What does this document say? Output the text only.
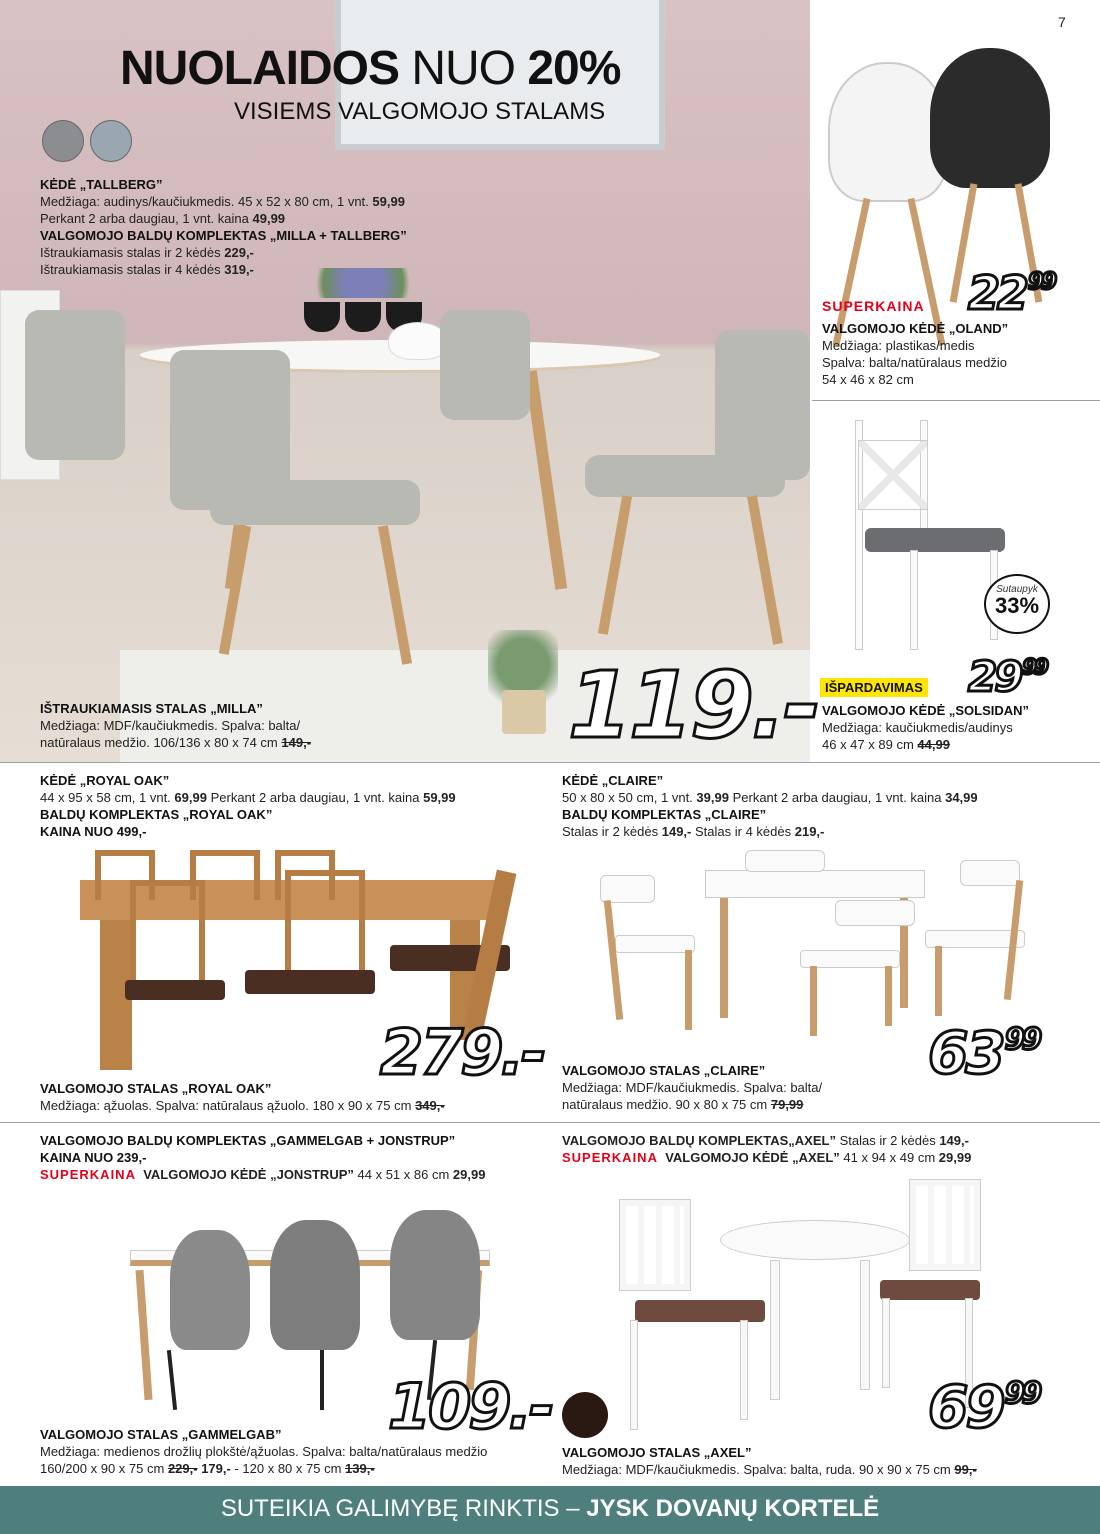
NUOLAIDOS NUO 20%
VISIEMS VALGOMOJO STALAMS
KĖDĖ „TALLBERG”
Medžiaga: audinys/kaučiukmedis. 45 x 52 x 80 cm, 1 vnt. 59,99
Perkant 2 arba daugiau, 1 vnt. kaina 49,99
VALGOMOJO BALDŲ KOMPLEKTAS „MILLA + TALLBERG”
Ištraukiamasis stalas ir 2 kėdės 229,-
Ištraukiamasis stalas ir 4 kėdės 319,-
IŠTRAUKIAMASIS STALAS „MILLA”
Medžiaga: MDF/kaučiukmedis. Spalva: balta/
natūralaus medžio. 106/136 x 80 x 74 cm 149,-	119.-
7
SUPERKAINA $22^{99}$
VALGOMOJO KĖDĖ „OLAND”
Medžiaga: plastikas/medis
Spalva: balta/natūralaus medžio
54 x 46 x 82 cm
Sutaupyk
33%
IŠPARDAVIMAS $29^{99}$
VALGOMOJO KĖDĖ „SOLSIDAN”
Medžiaga: kaučiukmedis/audinys
46 x 47 x 89 cm 44,99
KĖDĖ „ROYAL OAK”
44 x 95 x 58 cm, 1 vnt. 69,99 Perkant 2 arba daugiau, 1 vnt. kaina 59,99
BALDŲ KOMPLEKTAS „ROYAL OAK”
KAINA NUO 499,-
279.-
VALGOMOJO STALAS „ROYAL OAK”
Medžiaga: ąžuolas. Spalva: natūralaus ąžuolo. 180 x 90 x 75 cm 349,-
KĖDĖ „CLAIRE”
50 x 80 x 50 cm, 1 vnt. 39,99 Perkant 2 arba daugiau, 1 vnt. kaina 34,99
BALDŲ KOMPLEKTAS „CLAIRE”
Stalas ir 2 kėdės 149,- Stalas ir 4 kėdės 219,-
$63^{99}$
VALGOMOJO STALAS „CLAIRE”
Medžiaga: MDF/kaučiukmedis. Spalva: balta/
natūralaus medžio. 90 x 80 x 75 cm 79,99
VALGOMOJO BALDŲ KOMPLEKTAS „GAMMELGAB + JONSTRUP”
KAINA NUO 239,-
SUPERKAINA VALGOMOJO KĖDĖ „JONSTRUP” 44 x 51 x 86 cm 29,99
109.-
VALGOMOJO STALAS „GAMMELGAB”
Medžiaga: medienos drožlių plokštė/ąžuolas. Spalva: balta/natūralaus medžio
160/200 x 90 x 75 cm 229,- 179,- - 120 x 80 x 75 cm 139,-
VALGOMOJO BALDŲ KOMPLEKTAS„AXEL” Stalas ir 2 kėdės 149,-
SUPERKAINA VALGOMOJO KĖDĖ „AXEL” 41 x 94 x 49 cm 29,99
$69^{99}$
VALGOMOJO STALAS „AXEL”
Medžiaga: MDF/kaučiukmedis. Spalva: balta, ruda. 90 x 90 x 75 cm 99,-
SUTEIKIA GALIMYBĘ RINKTIS – JYSK DOVANŲ KORTELĖ
